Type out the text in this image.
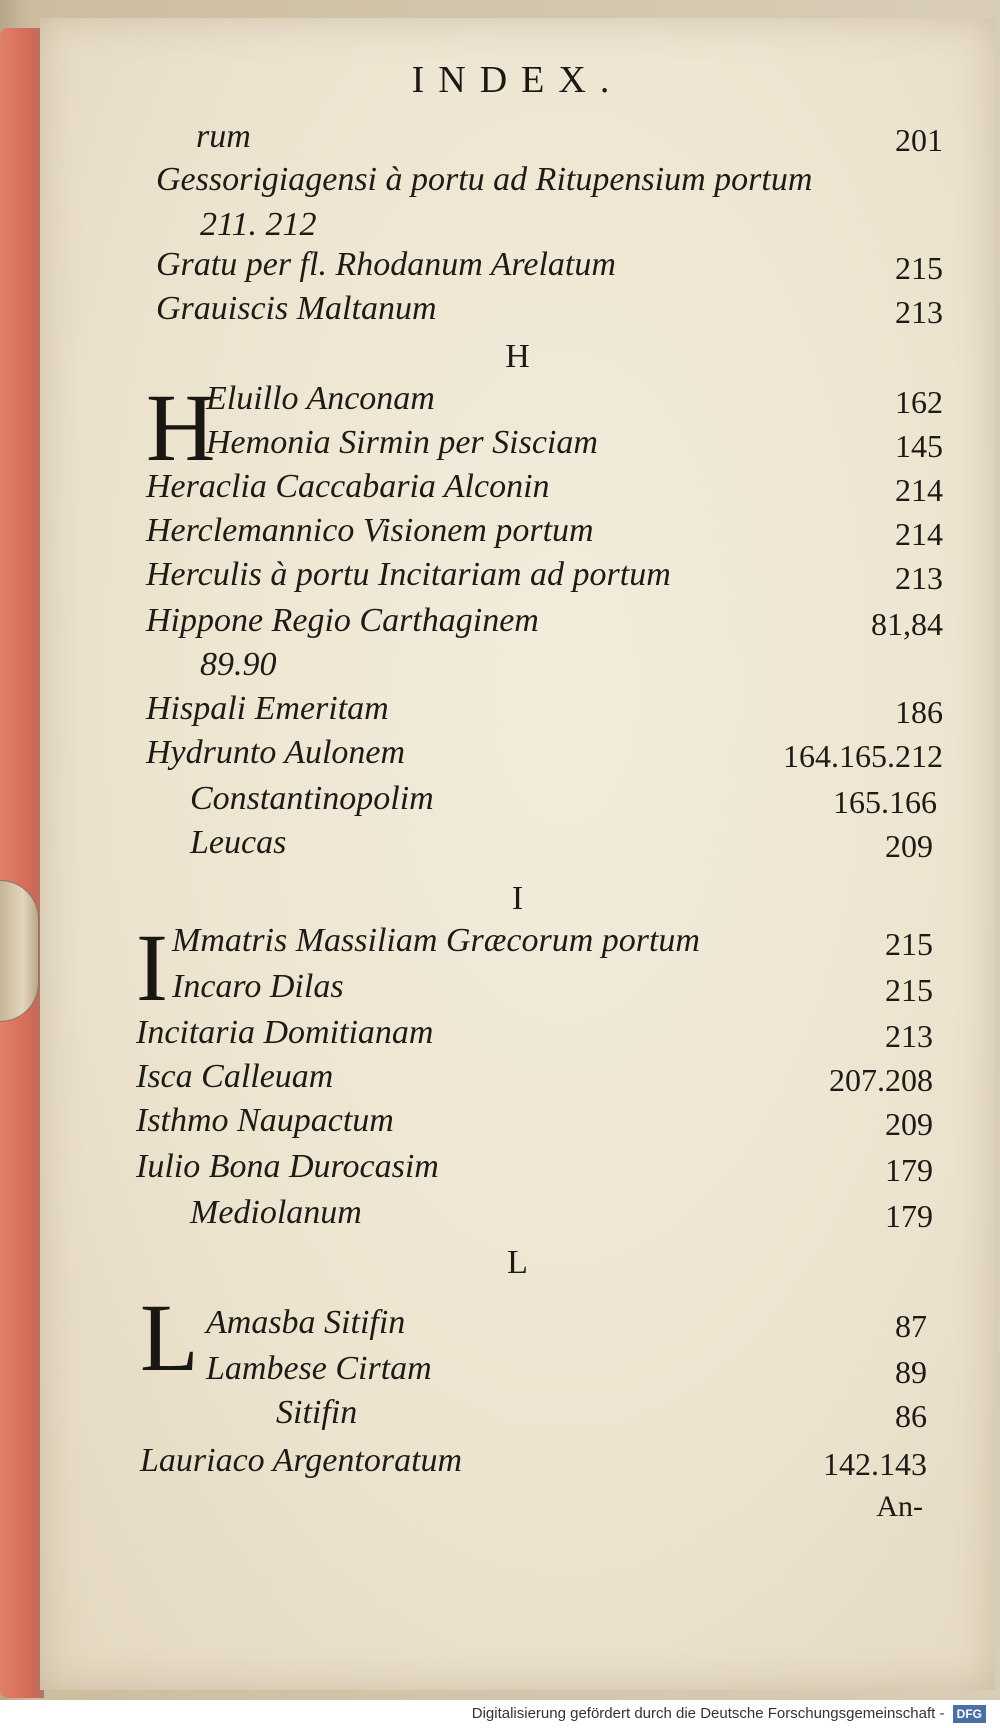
INDEX.
rum	201
Gessorigiagensi à portu ad Ritupensium portum
211. 212
Gratu per fl. Rhodanum Arelatum	215
Grauiscis Maltanum	213
H
H
Eluillo Anconam	162
Hemonia Sirmin per Sisciam	145
Heraclia Caccabaria Alconin	214
Herclemannico Visionem portum	214
Herculis à portu Incitariam ad portum	213
Hippone Regio Carthaginem	81,84
89.90
Hispali Emeritam	186
Hydrunto Aulonem	164.165.212
Constantinopolim	165.166
Leucas	209
I
I Mmatris Massiliam Græcorum portum	215
Incaro Dilas	215
Incitaria Domitianam	213
Isca Calleuam	207.208
Isthmo Naupactum	209
Iulio Bona Durocasim	179
Mediolanum	179
L
L Amasba Sitifin	87
Lambese Cirtam	89
Sitifin	86
Lauriaco Argentoratum	142.143
An-
Digitalisierung gefördert durch die Deutsche Forschungsgemeinschaft - DFG
